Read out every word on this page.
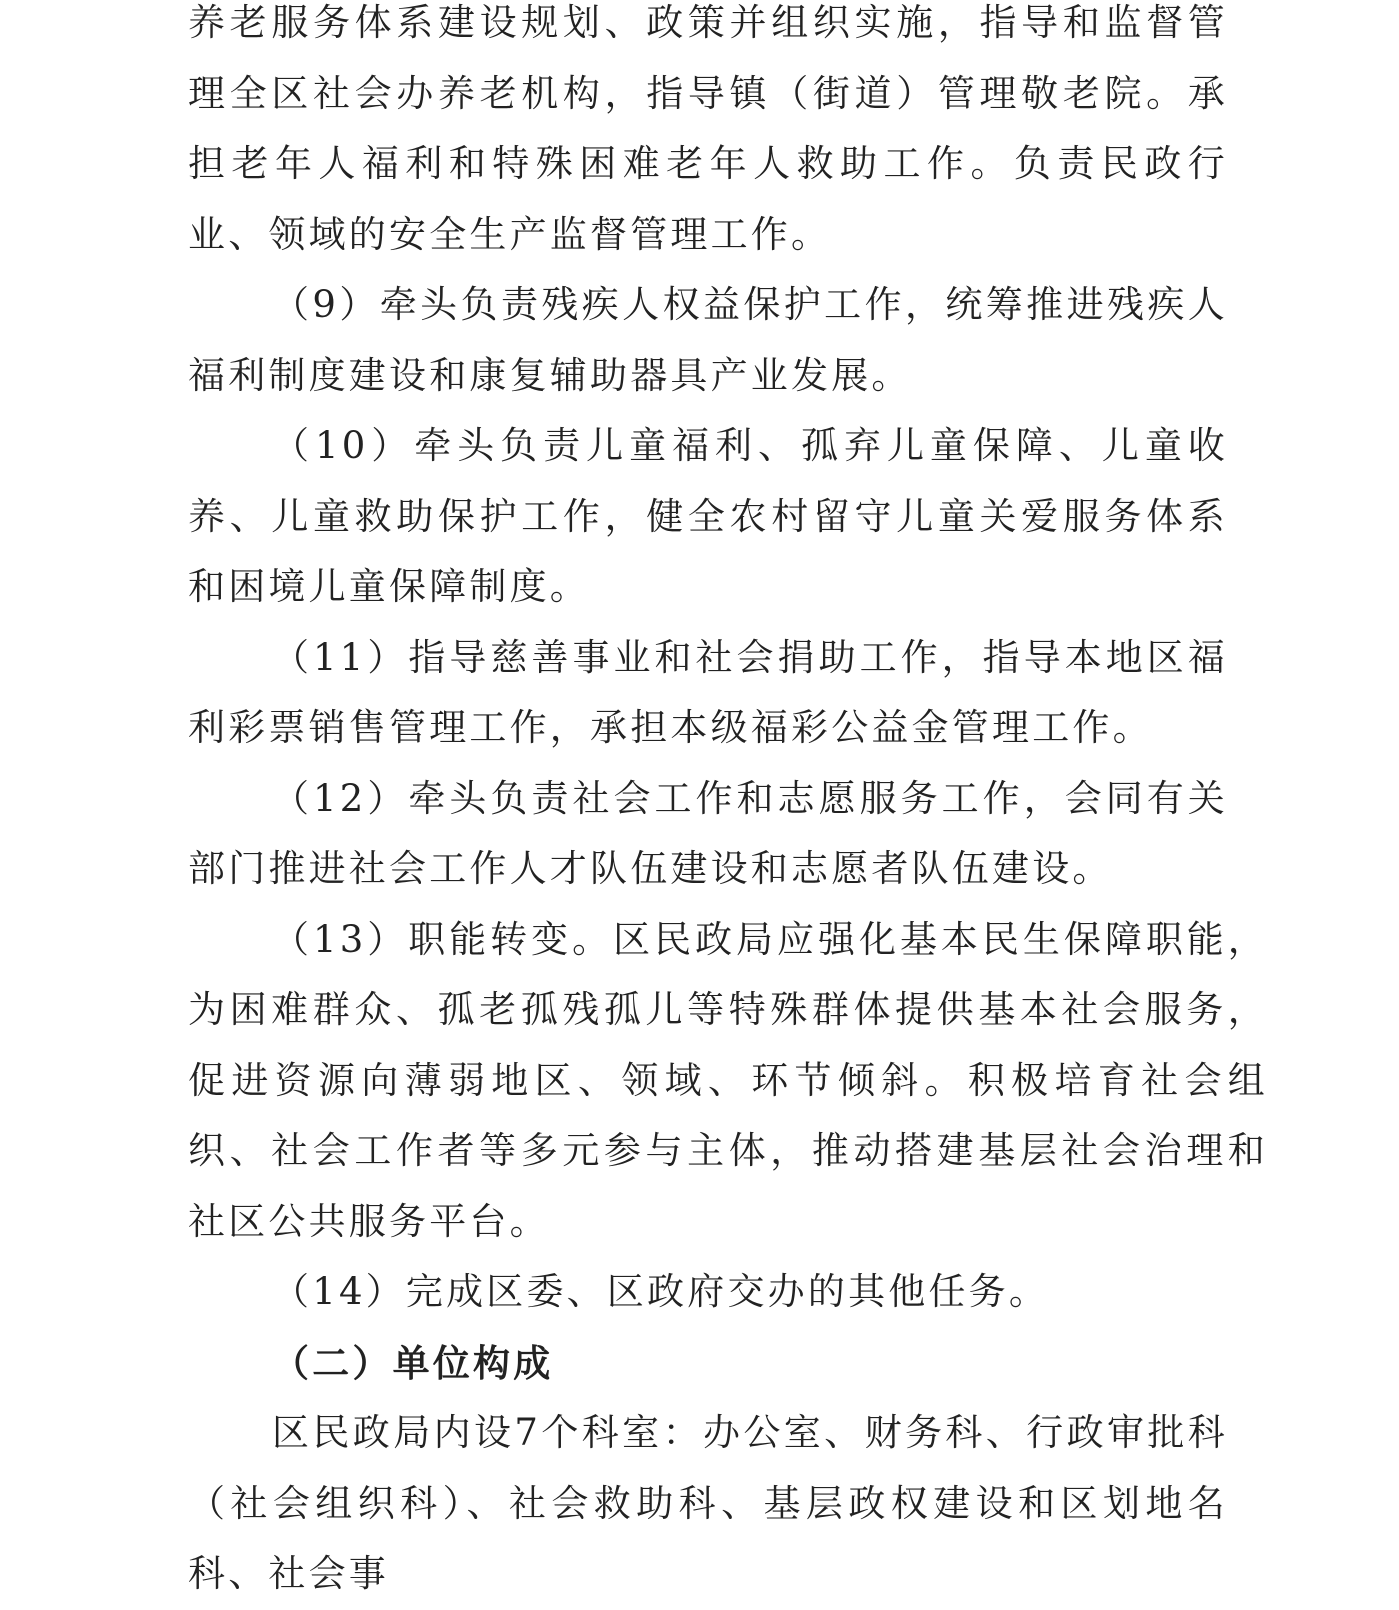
养老服务体系建设规划、政策并组织实施，指导和监督管理全区社会办养老机构，指导镇（街道）管理敬老院。承担老年人福利和特殊困难老年人救助工作。负责民政行业、领域的安全生产监督管理工作。

（9）牵头负责残疾人权益保护工作，统筹推进残疾人福利制度建设和康复辅助器具产业发展。

（10）牵头负责儿童福利、孤弃儿童保障、儿童收养、儿童救助保护工作，健全农村留守儿童关爱服务体系和困境儿童保障制度。

（11）指导慈善事业和社会捐助工作，指导本地区福利彩票销售管理工作，承担本级福彩公益金管理工作。

（12）牵头负责社会工作和志愿服务工作，会同有关部门推进社会工作人才队伍建设和志愿者队伍建设。

（13）职能转变。区民政局应强化基本民生保障职能，为困难群众、孤老孤残孤儿等特殊群体提供基本社会服务，促进资源向薄弱地区、领域、环节倾斜。积极培育社会组织、社会工作者等多元参与主体，推动搭建基层社会治理和社区公共服务平台。

（14）完成区委、区政府交办的其他任务。

（二）单位构成

区民政局内设7个科室：办公室、财务科、行政审批科（社会组织科）、社会救助科、基层政权建设和区划地名科、社会事
